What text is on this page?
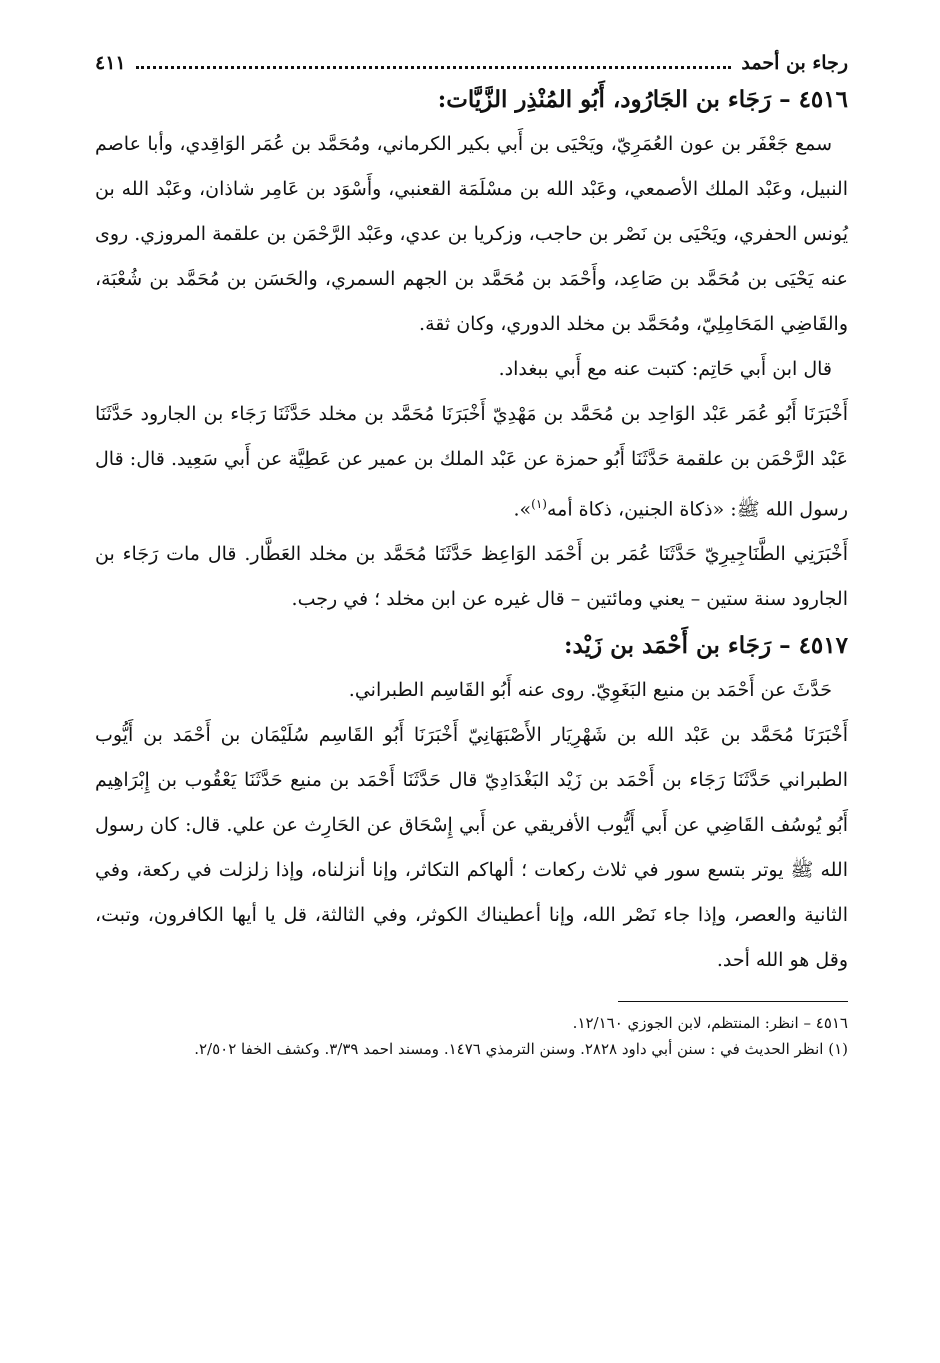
رجاء بن أحمد
٤١١
٤٥١٦ – رَجَاء بن الجَارُود، أَبُو المُنْذِر الزَّيَّات:

سمع جَعْفَر بن عون العُمَرِيّ، ويَحْيَى بن أَبي بكير الكرماني، ومُحَمَّد بن عُمَر الوَاقِدي، وأبا عاصم النبيل، وعَبْد الملك الأصمعي، وعَبْد الله بن مسْلَمَة القعنبي، وأَسْوَد بن عَامِر شاذان، وعَبْد الله بن يُونس الحفري، ويَحْيَى بن نَصْر بن حاجب، وزكريا بن عدي، وعَبْد الرَّحْمَن بن علقمة المروزي. روى عنه يَحْيَى بن مُحَمَّد بن صَاعِد، وأَحْمَد بن مُحَمَّد بن الجهم السمري، والحَسَن بن مُحَمَّد بن شُعْبَة، والقَاضِي المَحَامِلِيّ، ومُحَمَّد بن مخلد الدوري، وكان ثقة.

قال ابن أَبي حَاتِم: كتبت عنه مع أَبي ببغداد.

أَخْبَرَنَا أَبُو عُمَر عَبْد الوَاحِد بن مُحَمَّد بن مَهْدِيّ أَخْبَرَنَا مُحَمَّد بن مخلد حَدَّثَنَا رَجَاء بن الجارود حَدَّثَنَا عَبْد الرَّحْمَن بن علقمة حَدَّثَنَا أَبُو حمزة عن عَبْد الملك بن عمير عن عَطِيَّة عن أَبي سَعِيد. قال: قال رسول الله ﷺ: «ذكاة الجنين، ذكاة أمه$^{(١)}$».

أَخْبَرَنِي الطَّنَاجِيرِيّ حَدَّثَنَا عُمَر بن أَحْمَد الوَاعِظ حَدَّثَنَا مُحَمَّد بن مخلد العَطَّار. قال مات رَجَاء بن الجارود سنة ستين – يعني ومائتين – قال غيره عن ابن مخلد ؛ في رجب.

٤٥١٧ – رَجَاء بن أَحْمَد بن زَيْد:

حَدَّثَ عن أَحْمَد بن منيع البَغَوِيّ. روى عنه أَبُو القَاسِم الطبراني.

أَخْبَرَنَا مُحَمَّد بن عَبْد الله بن شَهْرِيَار الأَصْبَهَانِيّ أَخْبَرَنَا أَبُو القَاسِم سُلَيْمَان بن أَحْمَد بن أَيُّوب الطبراني حَدَّثَنَا رَجَاء بن أَحْمَد بن زَيْد البَغْدَادِيّ قال حَدَّثَنَا أَحْمَد بن منيع حَدَّثَنَا يَعْقُوب بن إِبْرَاهِيم أَبُو يُوسُف القَاضِي عن أَبي أَيُّوب الأفريقي عن أَبي إِسْحَاق عن الحَارِث عن علي. قال: كان رسول الله ﷺ يوتر بتسع سور في ثلاث ركعات ؛ ألهاكم التكاثر، وإنا أنزلناه، وإذا زلزلت في ركعة، وفي الثانية والعصر، وإذا جاء نَصْر الله، وإنا أعطيناك الكوثر، وفي الثالثة، قل يا أيها الكافرون، وتبت، وقل هو الله أحد.

٤٥١٦ – انظر: المنتظم، لابن الجوزي ١٢/١٦٠.

(١) انظر الحديث في : سنن أبي داود ٢٨٢٨. وسنن الترمذي ١٤٧٦. ومسند احمد ٣/٣٩. وكشف الخفا ٢/٥٠٢.
